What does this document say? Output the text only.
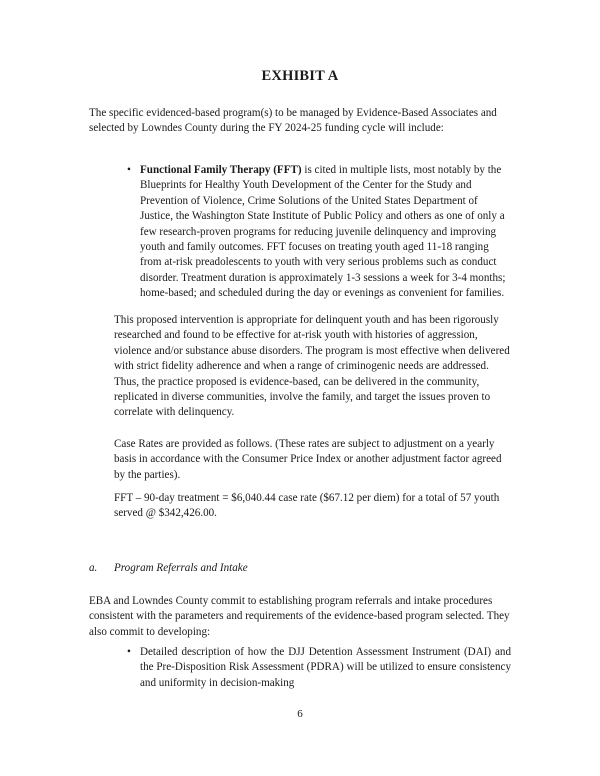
EXHIBIT A
The specific evidenced-based program(s) to be managed by Evidence-Based Associates and selected by Lowndes County during the FY 2024-25 funding cycle will include:
• Functional Family Therapy (FFT) is cited in multiple lists, most notably by the Blueprints for Healthy Youth Development of the Center for the Study and Prevention of Violence, Crime Solutions of the United States Department of Justice, the Washington State Institute of Public Policy and others as one of only a few research-proven programs for reducing juvenile delinquency and improving youth and family outcomes. FFT focuses on treating youth aged 11-18 ranging from at-risk preadolescents to youth with very serious problems such as conduct disorder. Treatment duration is approximately 1-3 sessions a week for 3-4 months; home-based; and scheduled during the day or evenings as convenient for families.
This proposed intervention is appropriate for delinquent youth and has been rigorously researched and found to be effective for at-risk youth with histories of aggression, violence and/or substance abuse disorders. The program is most effective when delivered with strict fidelity adherence and when a range of criminogenic needs are addressed. Thus, the practice proposed is evidence-based, can be delivered in the community, replicated in diverse communities, involve the family, and target the issues proven to correlate with delinquency.
Case Rates are provided as follows. (These rates are subject to adjustment on a yearly basis in accordance with the Consumer Price Index or another adjustment factor agreed by the parties).
FFT – 90-day treatment = $6,040.44 case rate ($67.12 per diem) for a total of 57 youth served @ $342,426.00.
a. Program Referrals and Intake
EBA and Lowndes County commit to establishing program referrals and intake procedures consistent with the parameters and requirements of the evidence-based program selected. They also commit to developing:
• Detailed description of how the DJJ Detention Assessment Instrument (DAI) and the Pre-Disposition Risk Assessment (PDRA) will be utilized to ensure consistency and uniformity in decision-making
6
